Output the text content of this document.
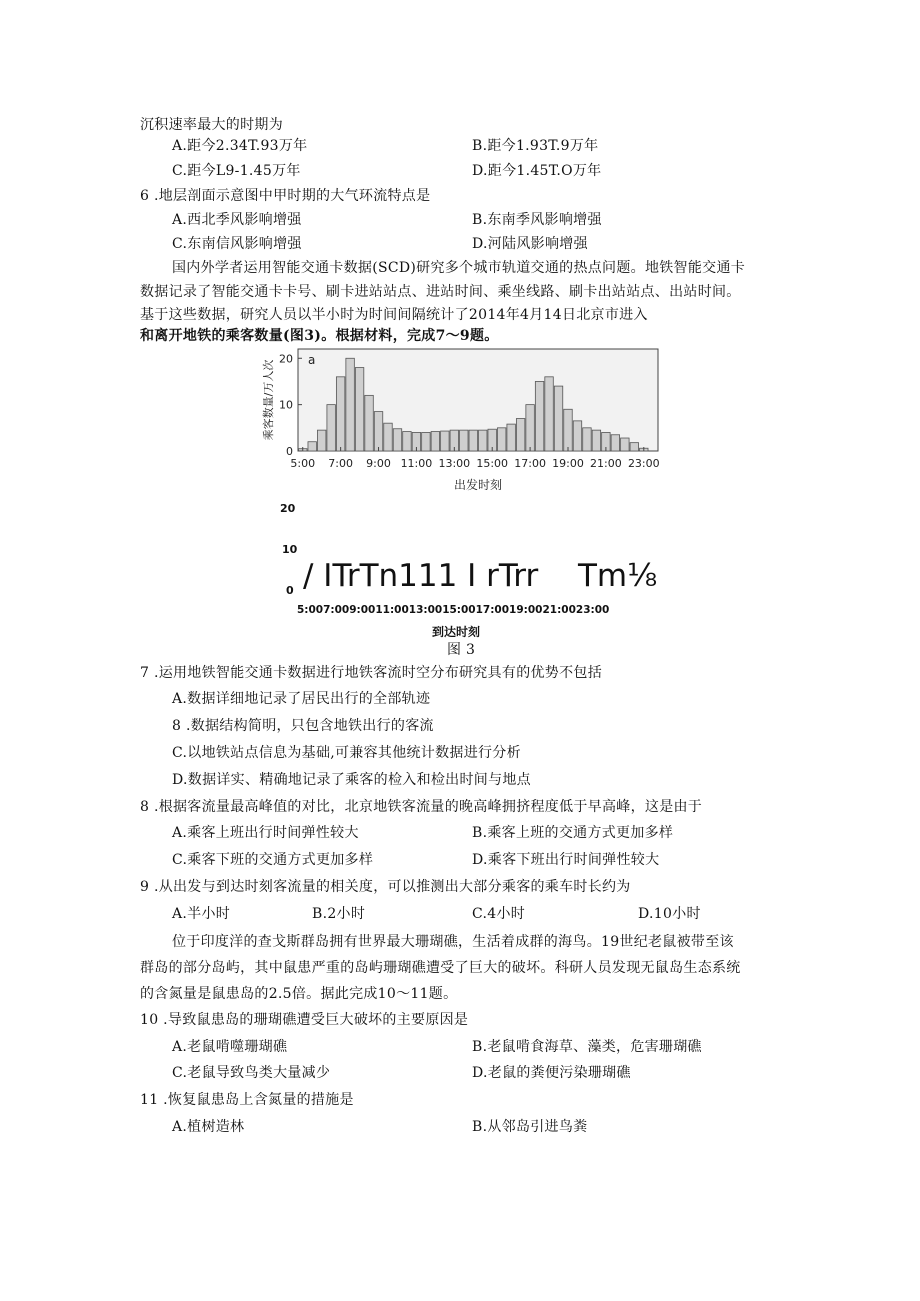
沉积速率最大的时期为
A.距今2.34T.93万年	B.距今1.93T.9万年
C.距今L9-1.45万年	D.距今1.45T.O万年
6 .地层剖面示意图中甲时期的大气环流特点是
A.西北季风影响增强	B.东南季风影响增强
C.东南信风影响增强	D.河陆风影响增强
国内外学者运用智能交通卡数据(SCD)研究多个城市轨道交通的热点问题。地铁智能交通卡
数据记录了智能交通卡卡号、刷卡进站站点、进站时间、乘坐线路、刷卡出站站点、出站时间。
基于这些数据，研究人员以半小时为时间间隔统计了2014年4月14日北京市进入
和离开地铁的乘客数量(图3)。根据材料，完成7～9题。
0
10
20
5:00 7:00 9:00 11:00 13:00 15:00 17:00 19:00 21:00 23:00
a
乘客数量/万人次
出发时刻
20
10
0 / ITrTn111 I rTrr Tm⅛
5:007:009:0011:0013:0015:0017:0019:0021:0023:00
到达时刻
图 3
7 .运用地铁智能交通卡数据进行地铁客流时空分布研究具有的优势不包括
A.数据详细地记录了居民出行的全部轨迹
8 .数据结构简明，只包含地铁出行的客流
C.以地铁站点信息为基础,可兼容其他统计数据进行分析
D.数据详实、精确地记录了乘客的检入和检出时间与地点
8 .根据客流量最高峰值的对比，北京地铁客流量的晚高峰拥挤程度低于早高峰，这是由于
A.乘客上班出行时间弹性较大	B.乘客上班的交通方式更加多样
C.乘客下班的交通方式更加多样	D.乘客下班出行时间弹性较大
9 .从出发与到达时刻客流量的相关度，可以推测出大部分乘客的乘车时长约为
A.半小时	B.2小时	C.4小时	D.10小时
位于印度洋的查戈斯群岛拥有世界最大珊瑚礁，生活着成群的海鸟。19世纪老鼠被带至该
群岛的部分岛屿，其中鼠患严重的岛屿珊瑚礁遭受了巨大的破坏。科研人员发现无鼠岛生态系统
的含氮量是鼠患岛的2.5倍。据此完成10～11题。
10 .导致鼠患岛的珊瑚礁遭受巨大破坏的主要原因是
A.老鼠啃噬珊瑚礁	B.老鼠啃食海草、藻类，危害珊瑚礁
C.老鼠导致鸟类大量减少	D.老鼠的粪便污染珊瑚礁
11 .恢复鼠患岛上含氮量的措施是
A.植树造林	B.从邻岛引进鸟粪
